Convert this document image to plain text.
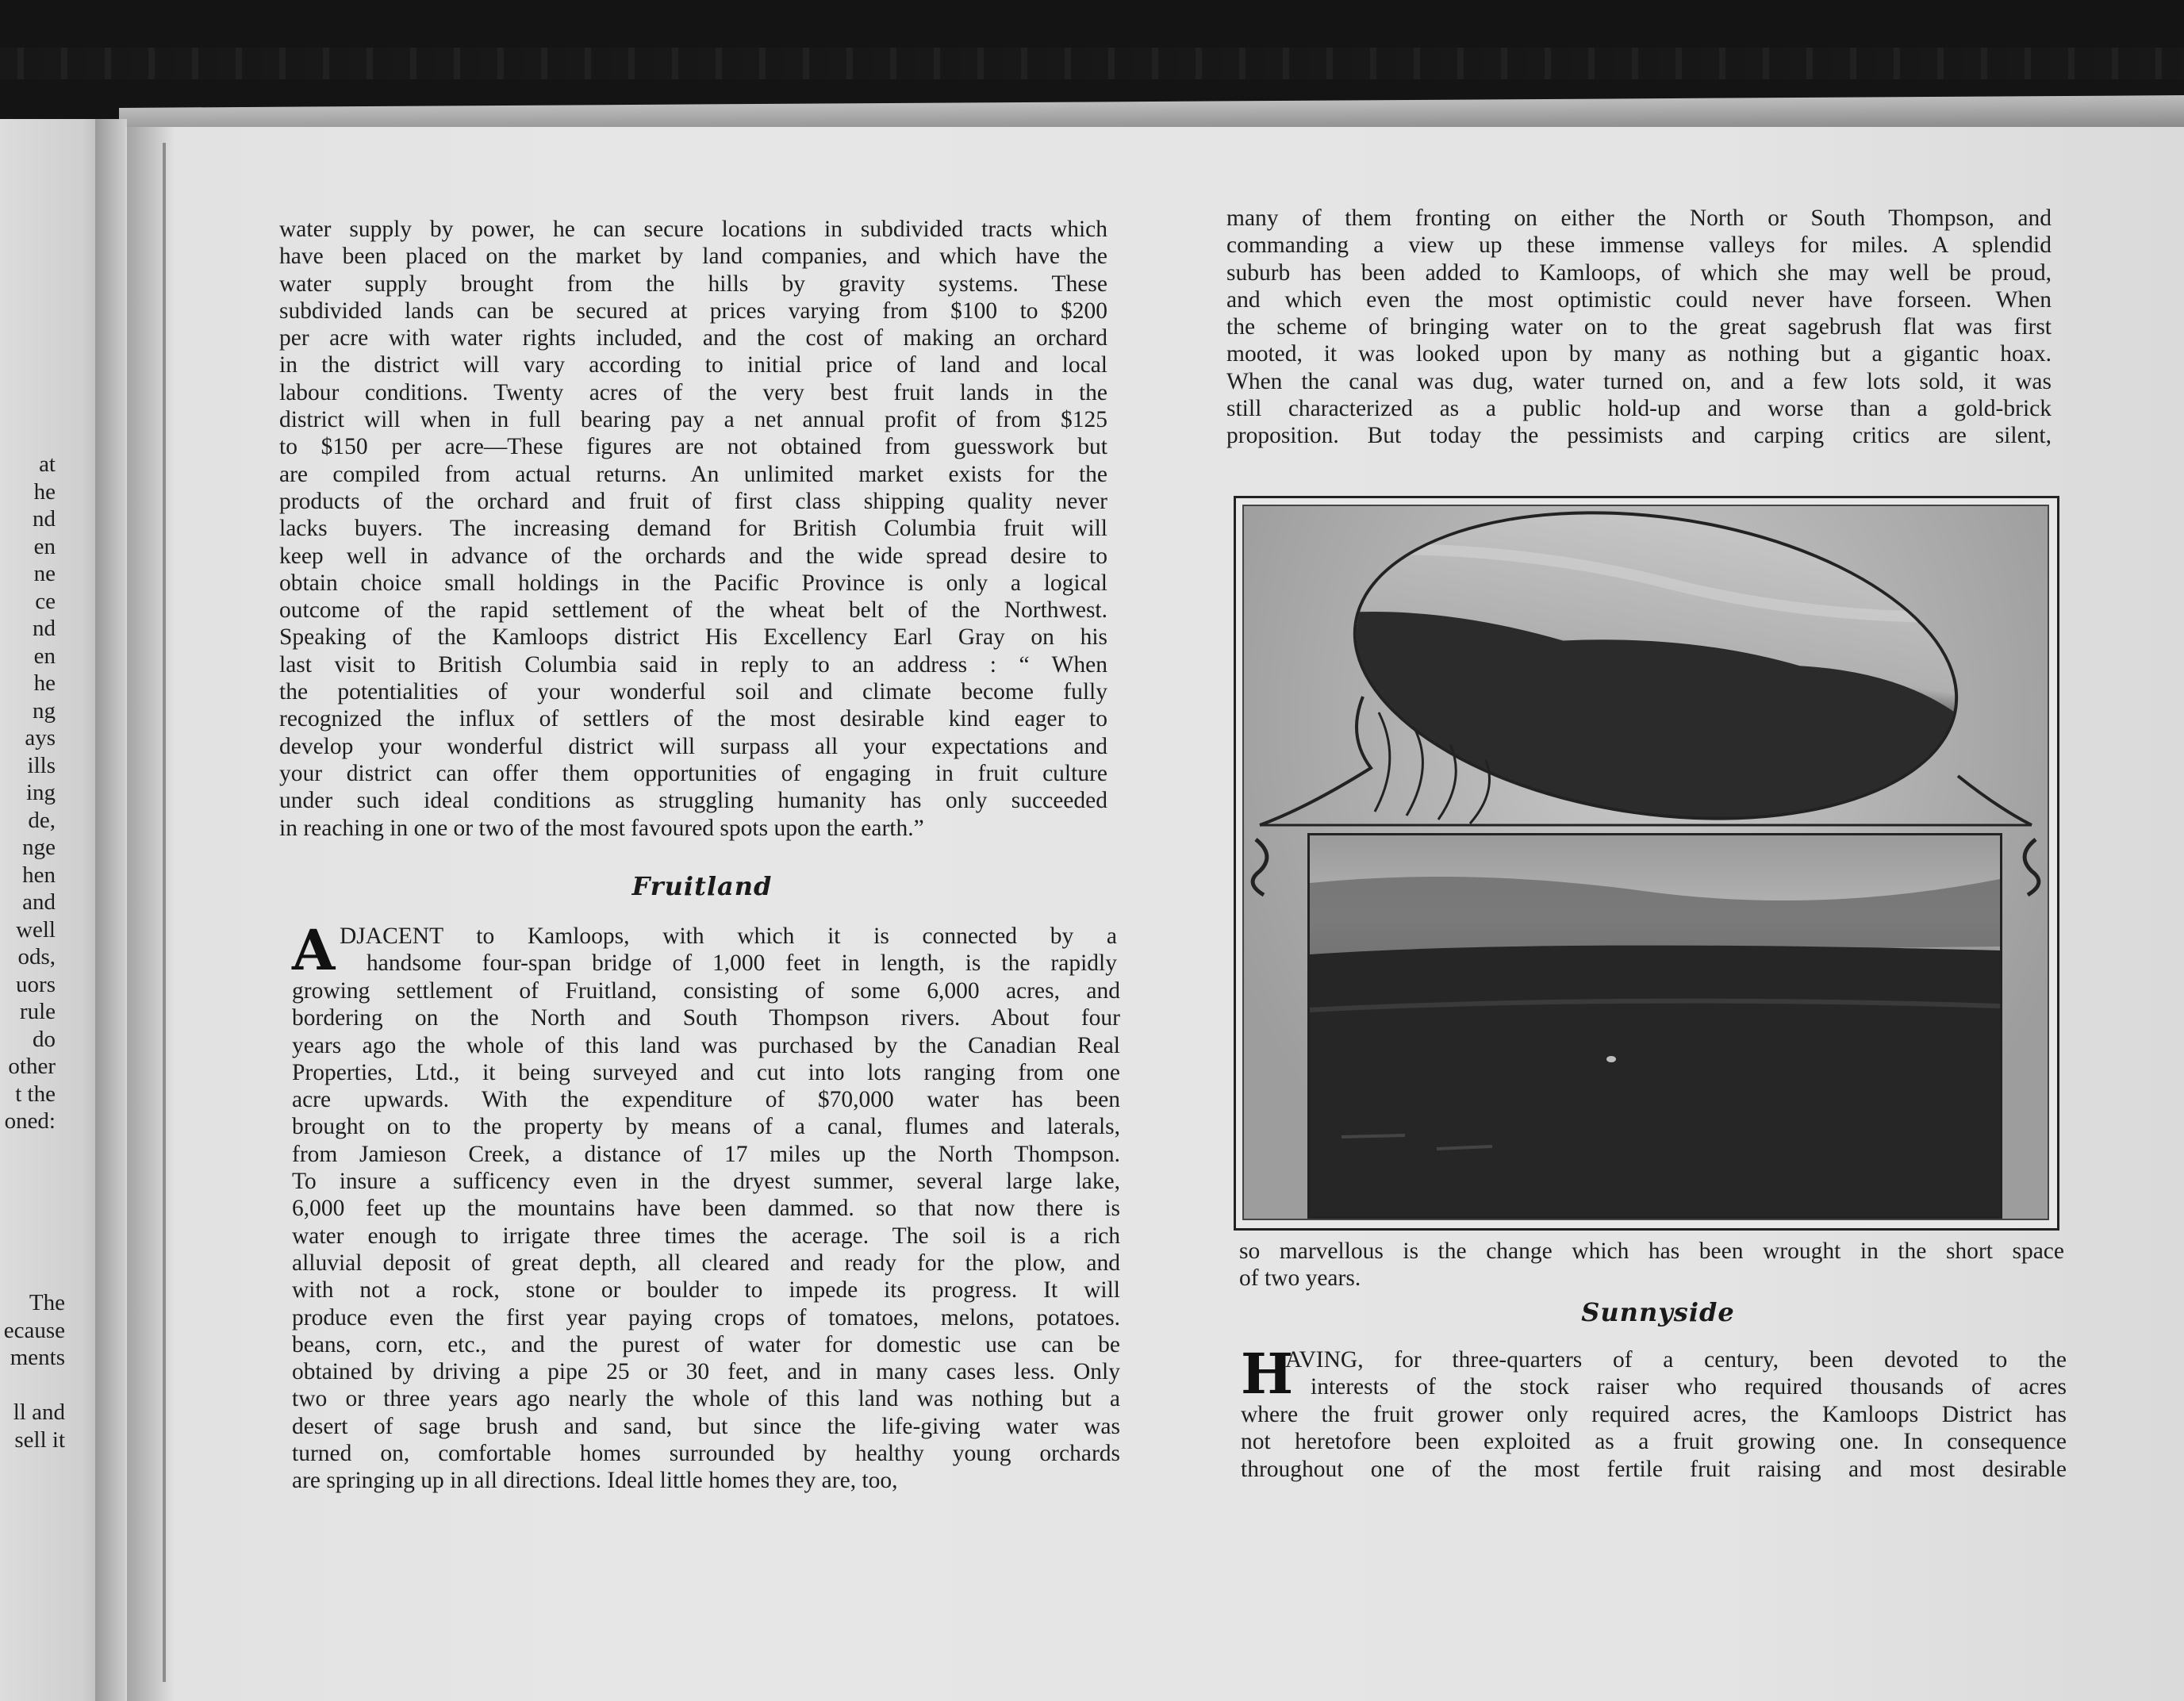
at
he
nd
en
ne
ce
nd
en
he
ng
ays
ills
ing
de,
nge
hen
and
well
ods,
uors
rule
do
other
t the
oned:
The
ecause
ments
ll and
sell it
water supply by power, he can secure locations in subdivided tracts which
have been placed on the market by land companies, and which have the
water supply brought from the hills by gravity systems. These
subdivided lands can be secured at prices varying from $100 to $200
per acre with water rights included, and the cost of making an orchard
in the district will vary according to initial price of land and local
labour conditions. Twenty acres of the very best fruit lands in the
district will when in full bearing pay a net annual profit of from $125
to $150 per acre—These figures are not obtained from guesswork but
are compiled from actual returns. An unlimited market exists for the
products of the orchard and fruit of first class shipping quality never
lacks buyers. The increasing demand for British Columbia fruit will
keep well in advance of the orchards and the wide spread desire to
obtain choice small holdings in the Pacific Province is only a logical
outcome of the rapid settlement of the wheat belt of the Northwest.
Speaking of the Kamloops district His Excellency Earl Gray on his
last visit to British Columbia said in reply to an address : “ When
the potentialities of your wonderful soil and climate become fully
recognized the influx of settlers of the most desirable kind eager to
develop your wonderful district will surpass all your expectations and
your district can offer them opportunities of engaging in fruit culture
under such ideal conditions as struggling humanity has only succeeded
in reaching in one or two of the most favoured spots upon the earth.”
Fruitland
A DJACENT to Kamloops, with which it is connected by a
handsome four-span bridge of 1,000 feet in length, is the rapidly
growing settlement of Fruitland, consisting of some 6,000 acres, and
bordering on the North and South Thompson rivers. About four
years ago the whole of this land was purchased by the Canadian Real
Properties, Ltd., it being surveyed and cut into lots ranging from one
acre upwards. With the expenditure of $70,000 water has been
brought on to the property by means of a canal, flumes and laterals,
from Jamieson Creek, a distance of 17 miles up the North Thompson.
To insure a sufficency even in the dryest summer, several large lake,
6,000 feet up the mountains have been dammed. so that now there is
water enough to irrigate three times the acerage. The soil is a rich
alluvial deposit of great depth, all cleared and ready for the plow, and
with not a rock, stone or boulder to impede its progress. It will
produce even the first year paying crops of tomatoes, melons, potatoes.
beans, corn, etc., and the purest of water for domestic use can be
obtained by driving a pipe 25 or 30 feet, and in many cases less. Only
two or three years ago nearly the whole of this land was nothing but a
desert of sage brush and sand, but since the life-giving water was
turned on, comfortable homes surrounded by healthy young orchards
are springing up in all directions. Ideal little homes they are, too,
many of them fronting on either the North or South Thompson, and
commanding a view up these immense valleys for miles. A splendid
suburb has been added to Kamloops, of which she may well be proud,
and which even the most optimistic could never have forseen. When
the scheme of bringing water on to the great sagebrush flat was first
mooted, it was looked upon by many as nothing but a gigantic hoax.
When the canal was dug, water turned on, and a few lots sold, it was
still characterized as a public hold-up and worse than a gold-brick
proposition. But today the pessimists and carping critics are silent,
so marvellous is the change which has been wrought in the short space
of two years.
Sunnyside
H
AVING, for three-quarters of a century, been devoted to the
interests of the stock raiser who required thousands of acres
where the fruit grower only required acres, the Kamloops District has
not heretofore been exploited as a fruit growing one. In consequence
throughout one of the most fertile fruit raising and most desirable
